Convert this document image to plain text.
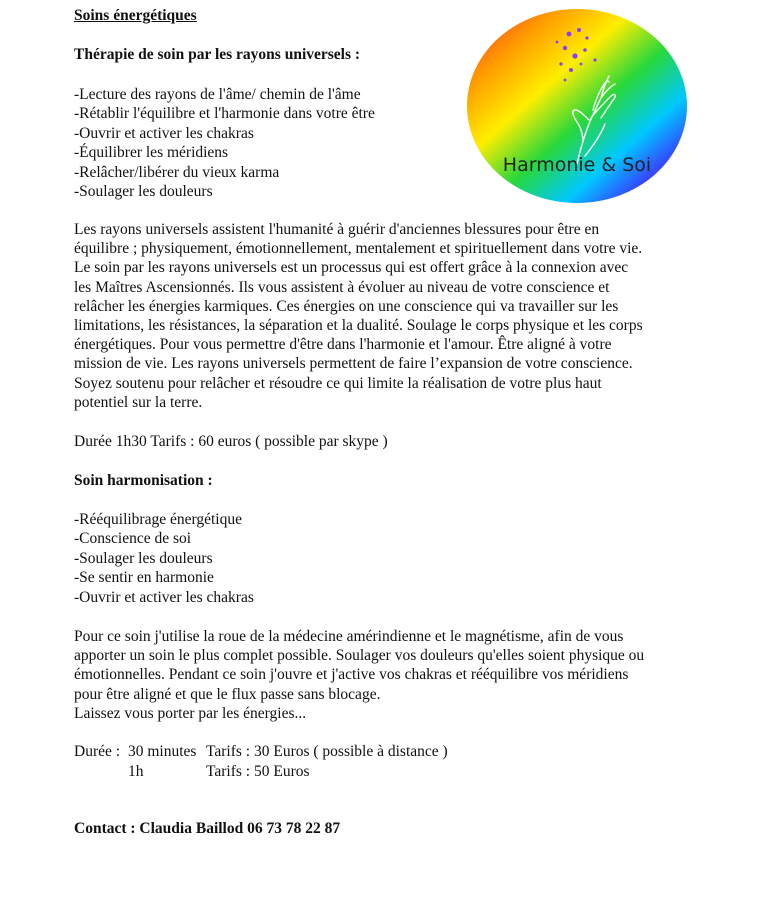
Soins énergétiques
Thérapie de soin par les rayons universels :
-Lecture des rayons de l'âme/ chemin de l'âme
-Rétablir l'équilibre et l'harmonie dans votre être
-Ouvrir et activer les chakras
-Équilibrer les méridiens
-Relâcher/libérer du vieux karma
-Soulager les douleurs
Les rayons universels assistent l'humanité à guérir d'anciennes blessures pour être en
équilibre ; physiquement, émotionnellement, mentalement et spirituellement dans votre vie.
Le soin par les rayons universels est un processus qui est offert grâce à la connexion avec
les Maîtres Ascensionnés. Ils vous assistent à évoluer au niveau de votre conscience et
relâcher les énergies karmiques. Ces énergies on une conscience qui va travailler sur les
limitations, les résistances, la séparation et la dualité. Soulage le corps physique et les corps
énergétiques. Pour vous permettre d'être dans l'harmonie et l'amour. Être aligné à votre
mission de vie. Les rayons universels permettent de faire l’expansion de votre conscience.
Soyez soutenu pour relâcher et résoudre ce qui limite la réalisation de votre plus haut
potentiel sur la terre.
Durée 1h30 Tarifs : 60 euros ( possible par skype )
Soin harmonisation :
-Rééquilibrage énergétique
-Conscience de soi
-Soulager les douleurs
-Se sentir en harmonie
-Ouvrir et activer les chakras
Pour ce soin j'utilise la roue de la médecine amérindienne et le magnétisme, afin de vous
apporter un soin le plus complet possible. Soulager vos douleurs qu'elles soient physique ou
émotionnelles. Pendant ce soin j'ouvre et j'active vos chakras et rééquilibre vos méridiens
pour être aligné et que le flux passe sans blocage.
Laissez vous porter par les énergies...
Durée : 30 minutes Tarifs : 30 Euros ( possible à distance )
1h	Tarifs : 50 Euros
Contact : Claudia Baillod 06 73 78 22 87
Harmonie & Soi
